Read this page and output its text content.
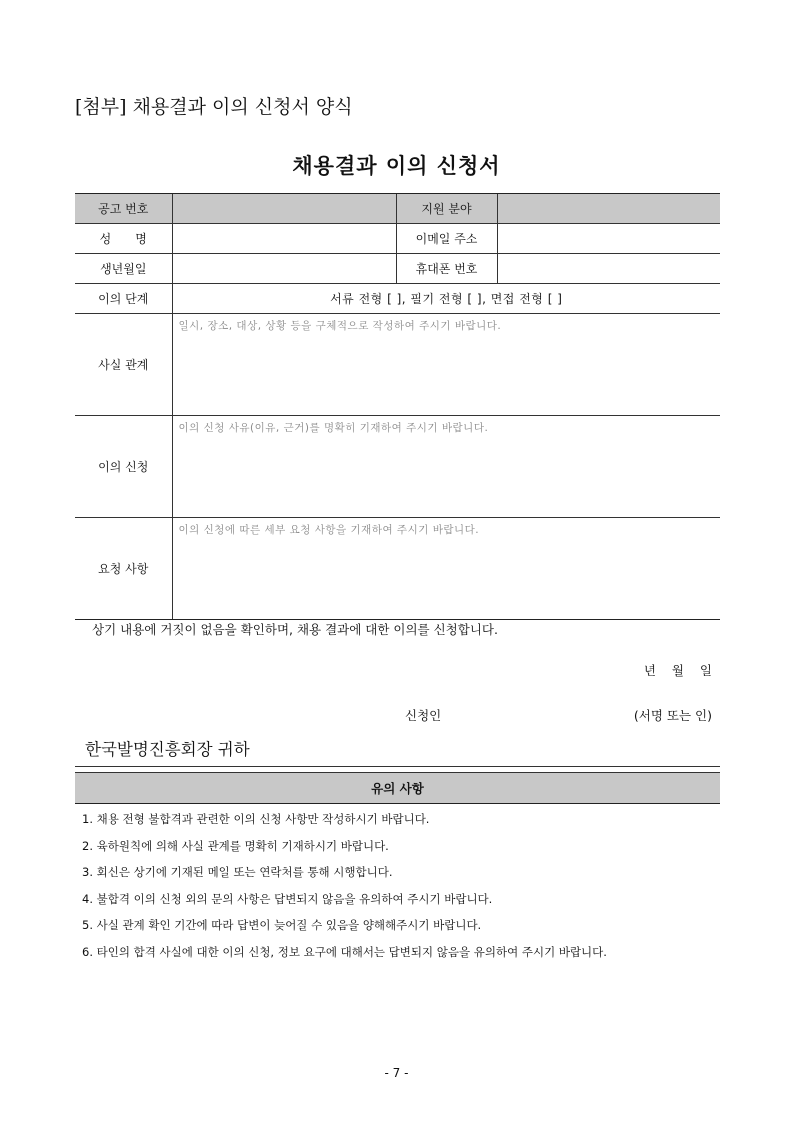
[첨부] 채용결과 이의 신청서 양식
채용결과 이의 신청서
공고 번호		지원 분야	
성　　명		이메일 주소	
생년월일		휴대폰 번호	
이의 단계	서류 전형 [ ], 필기 전형 [ ], 면접 전형 [ ]		
사실 관계	일시, 장소, 대상, 상황 등을 구체적으로 작성하여 주시기 바랍니다.		
이의 신청	이의 신청 사유(이유, 근거)를 명확히 기재하여 주시기 바랍니다.		
요청 사항	이의 신청에 따른 세부 요청 사항을 기재하여 주시기 바랍니다.		

상기 내용에 거짓이 없음을 확인하며, 채용 결과에 대한 이의를 신청합니다.

년 월 일

신청인	(서명 또는 인)

한국발명진흥회장 귀하

유의 사항
1. 채용 전형 불합격과 관련한 이의 신청 사항만 작성하시기 바랍니다.
2. 육하원칙에 의해 사실 관계를 명확히 기재하시기 바랍니다.
3. 회신은 상기에 기재된 메일 또는 연락처를 통해 시행합니다.
4. 불합격 이의 신청 외의 문의 사항은 답변되지 않음을 유의하여 주시기 바랍니다.
5. 사실 관계 확인 기간에 따라 답변이 늦어질 수 있음을 양해해주시기 바랍니다.
6. 타인의 합격 사실에 대한 이의 신청, 정보 요구에 대해서는 답변되지 않음을 유의하여 주시기 바랍니다.

- 7 -
